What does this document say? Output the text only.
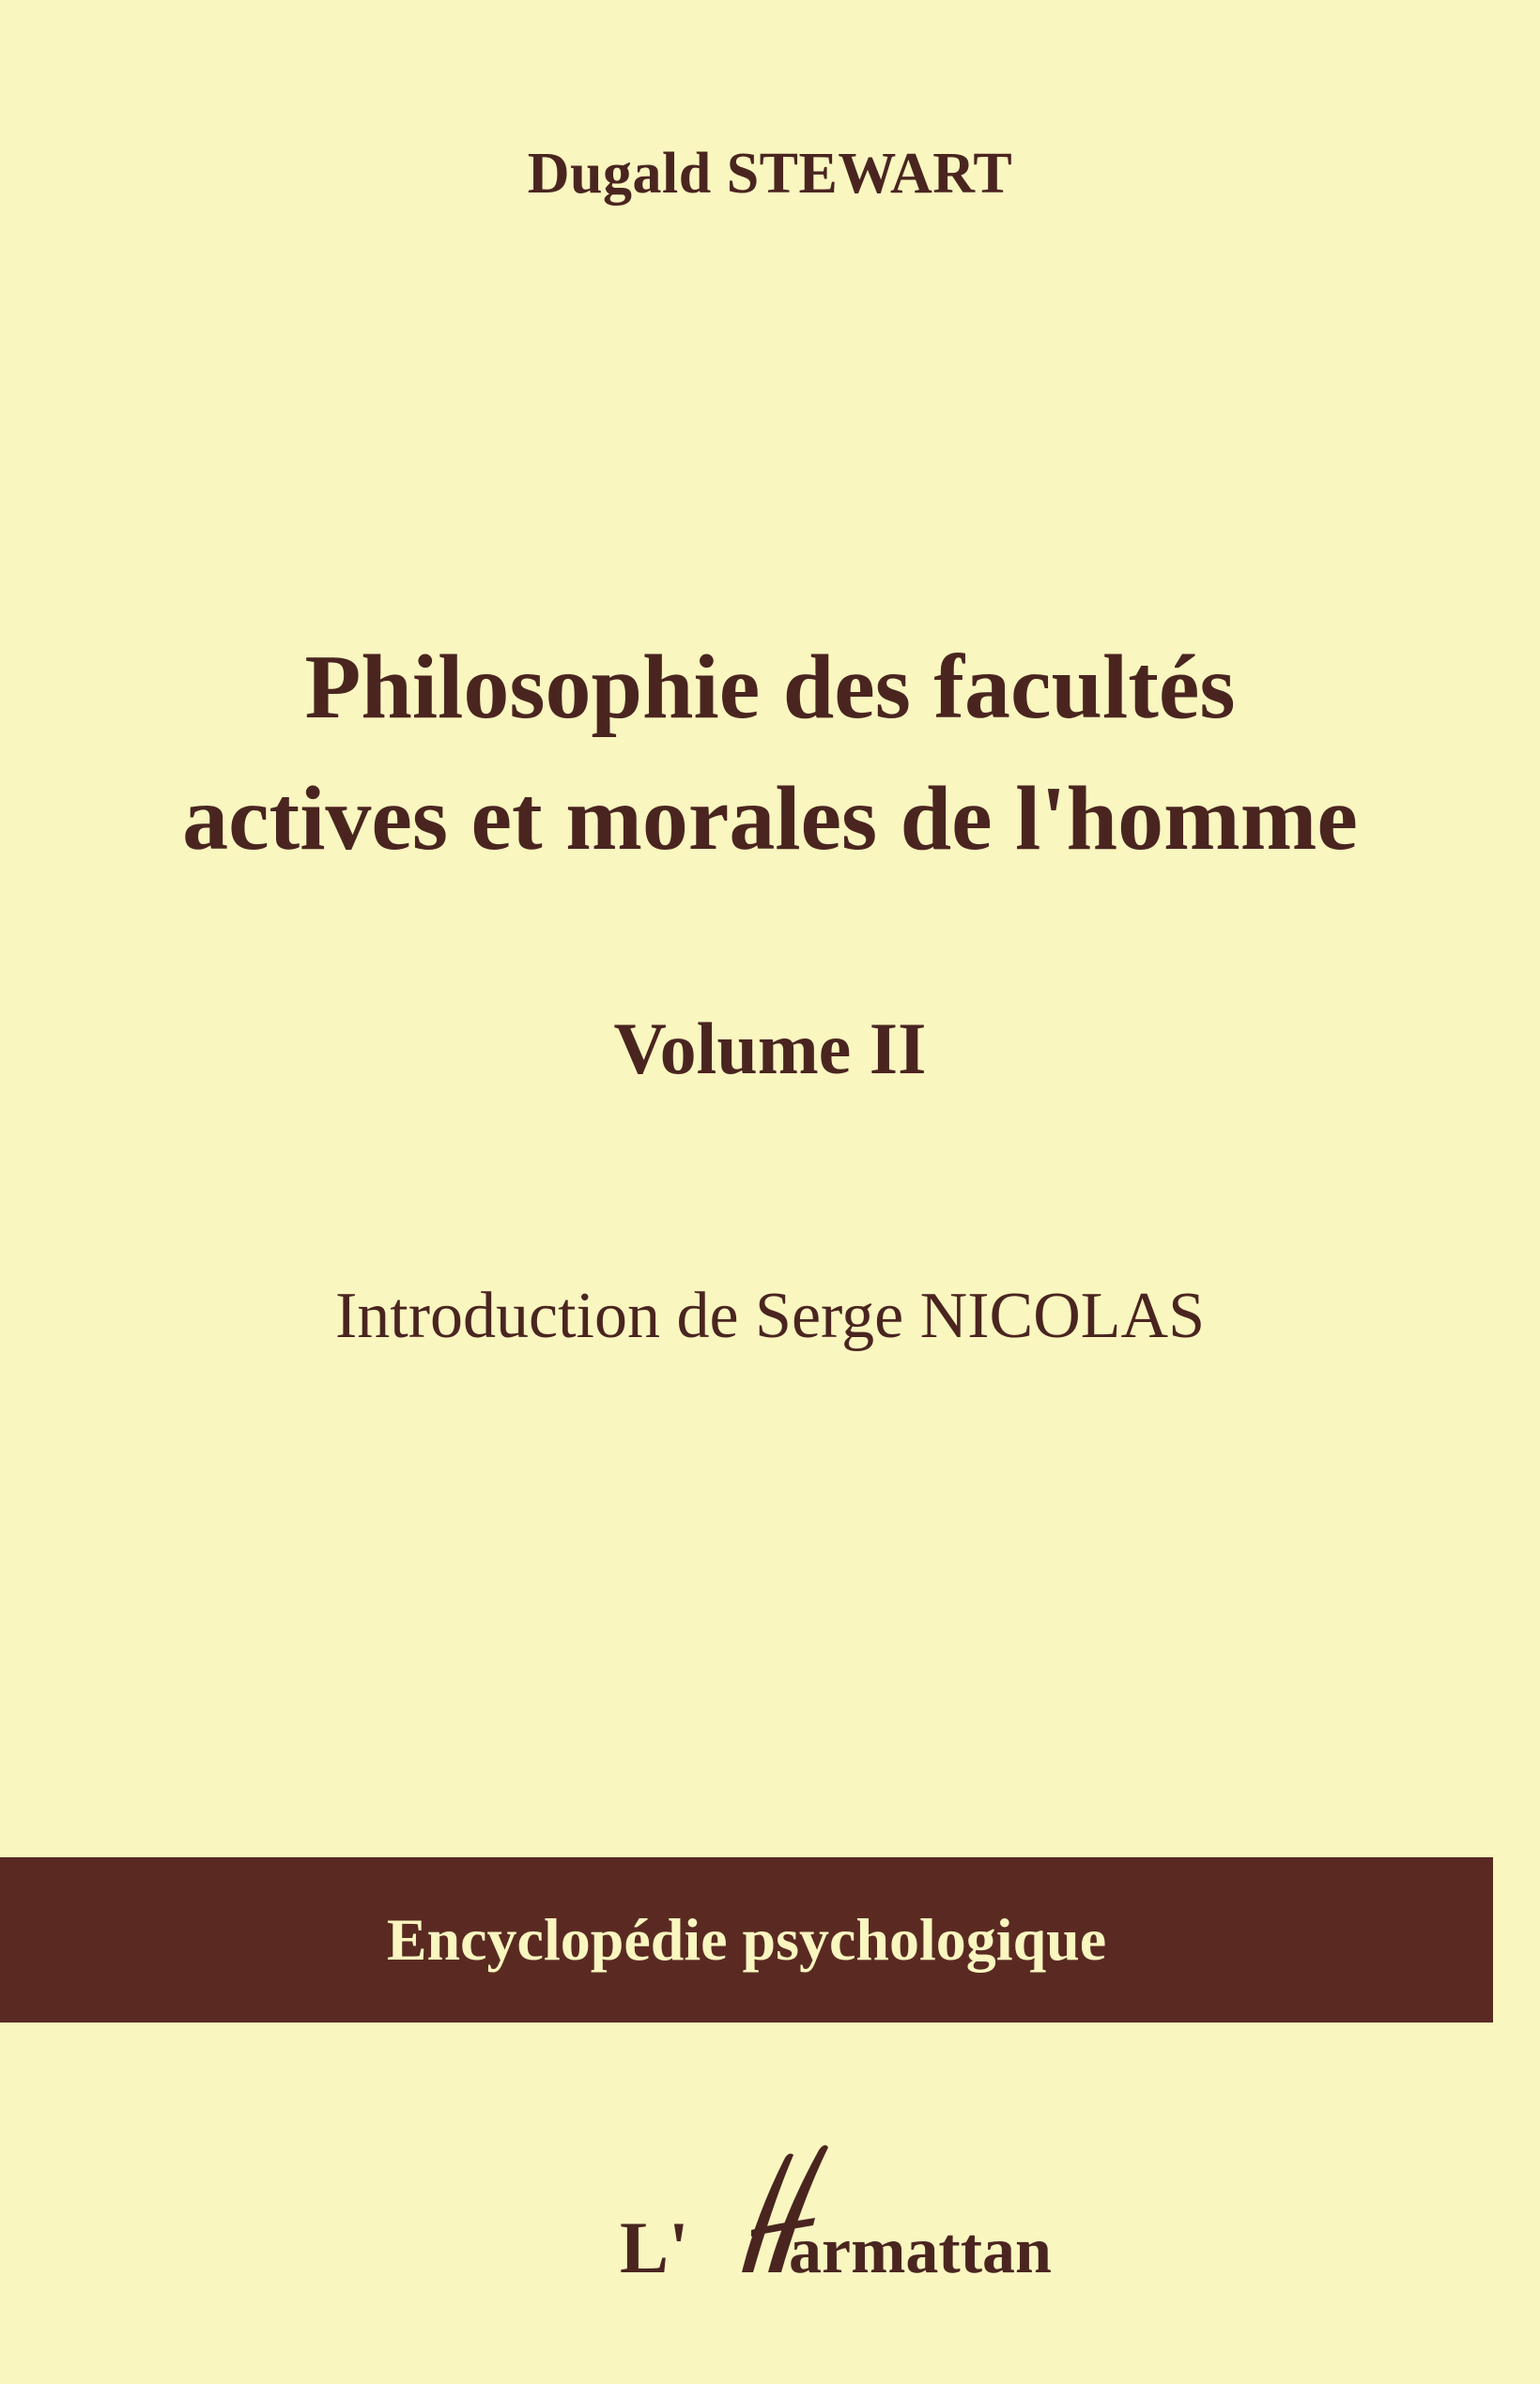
Dugald STEWART
Philosophie des facultés
actives et morales de l'homme
Volume II
Introduction de Serge NICOLAS
Encyclopédie psychologique
L' armattan
